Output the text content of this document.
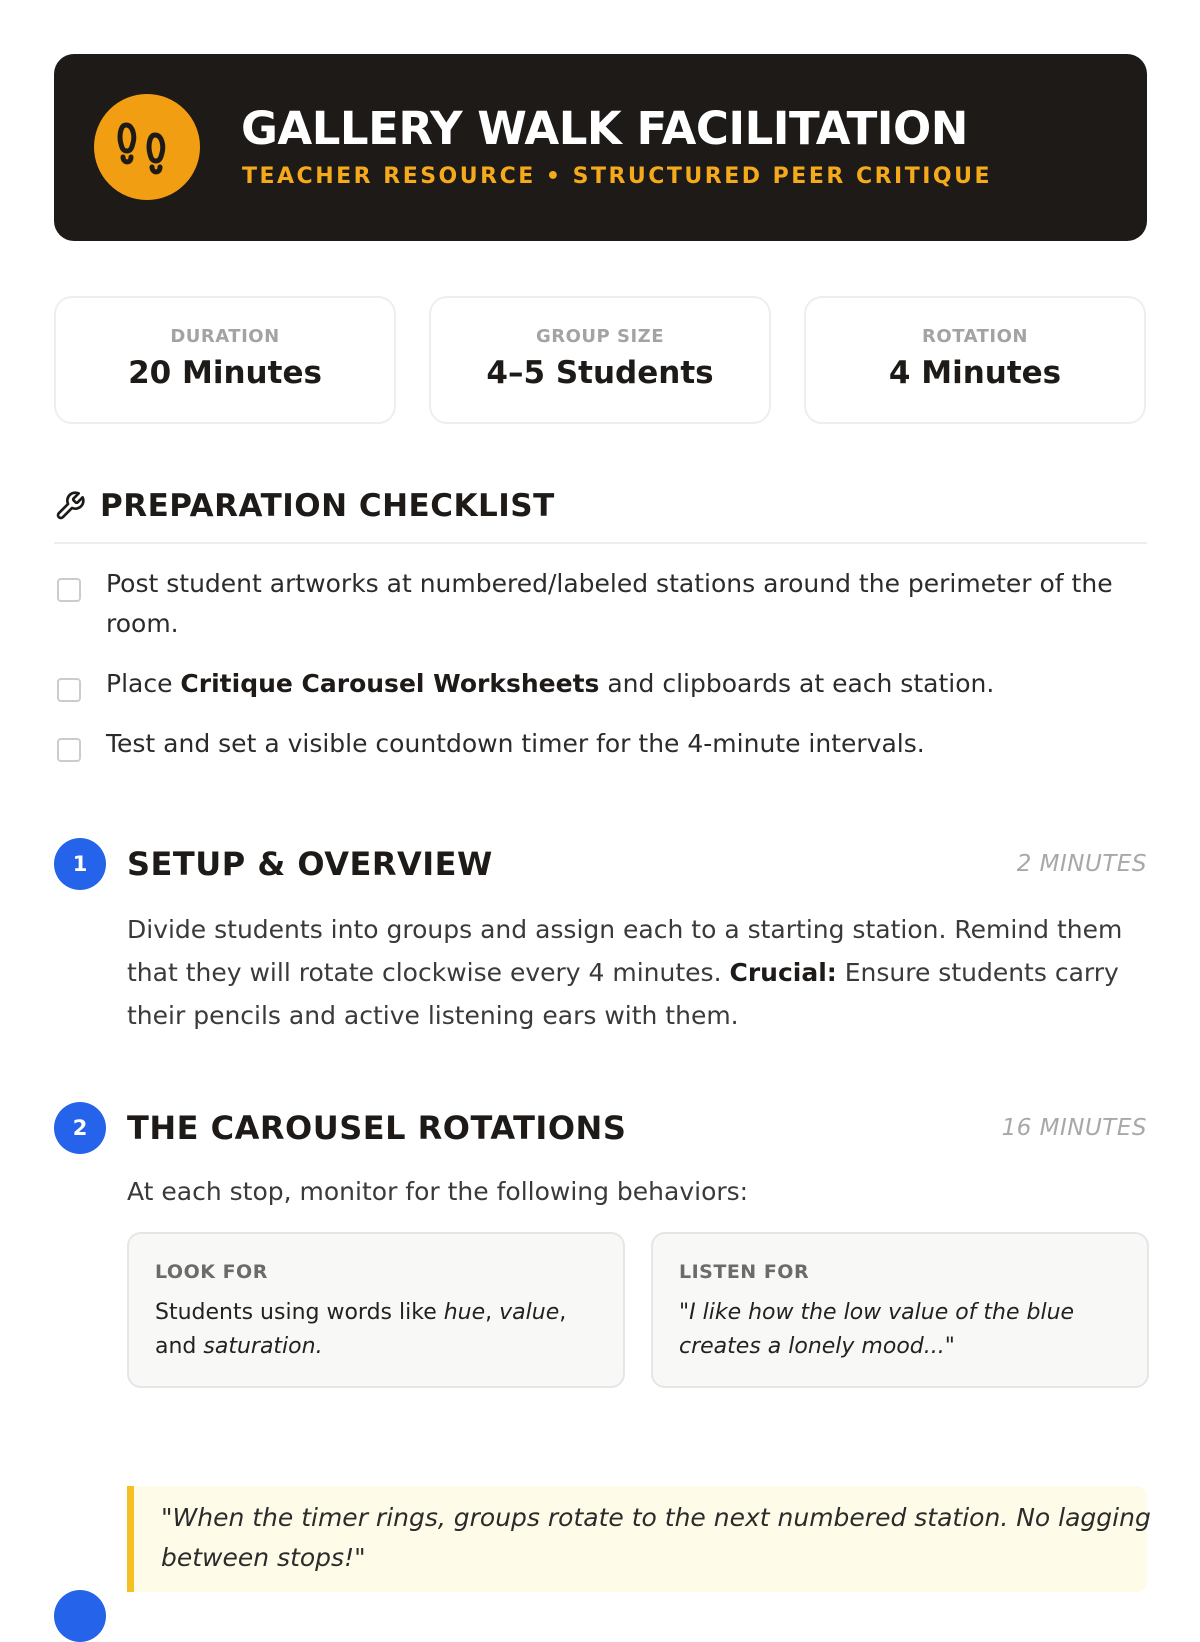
GALLERY WALK FACILITATION
TEACHER RESOURCE • STRUCTURED PEER CRITIQUE
DURATION
20 Minutes
GROUP SIZE
4–5 Students
ROTATION
4 Minutes
PREPARATION CHECKLIST
Post student artworks at numbered/labeled stations around the perimeter of the room.
Place Critique Carousel Worksheets and clipboards at each station.
Test and set a visible countdown timer for the 4-minute intervals.
1	SETUP & OVERVIEW	2 MINUTES
Divide students into groups and assign each to a starting station. Remind them that they will rotate clockwise every 4 minutes. Crucial: Ensure students carry their pencils and active listening ears with them.
2	THE CAROUSEL ROTATIONS	16 MINUTES
At each stop, monitor for the following behaviors:
LOOK FOR
Students using words like hue, value, and saturation.
LISTEN FOR
"I like how the low value of the blue creates a lonely mood..."
"When the timer rings, groups rotate to the next numbered station. No lagging between stops!"
